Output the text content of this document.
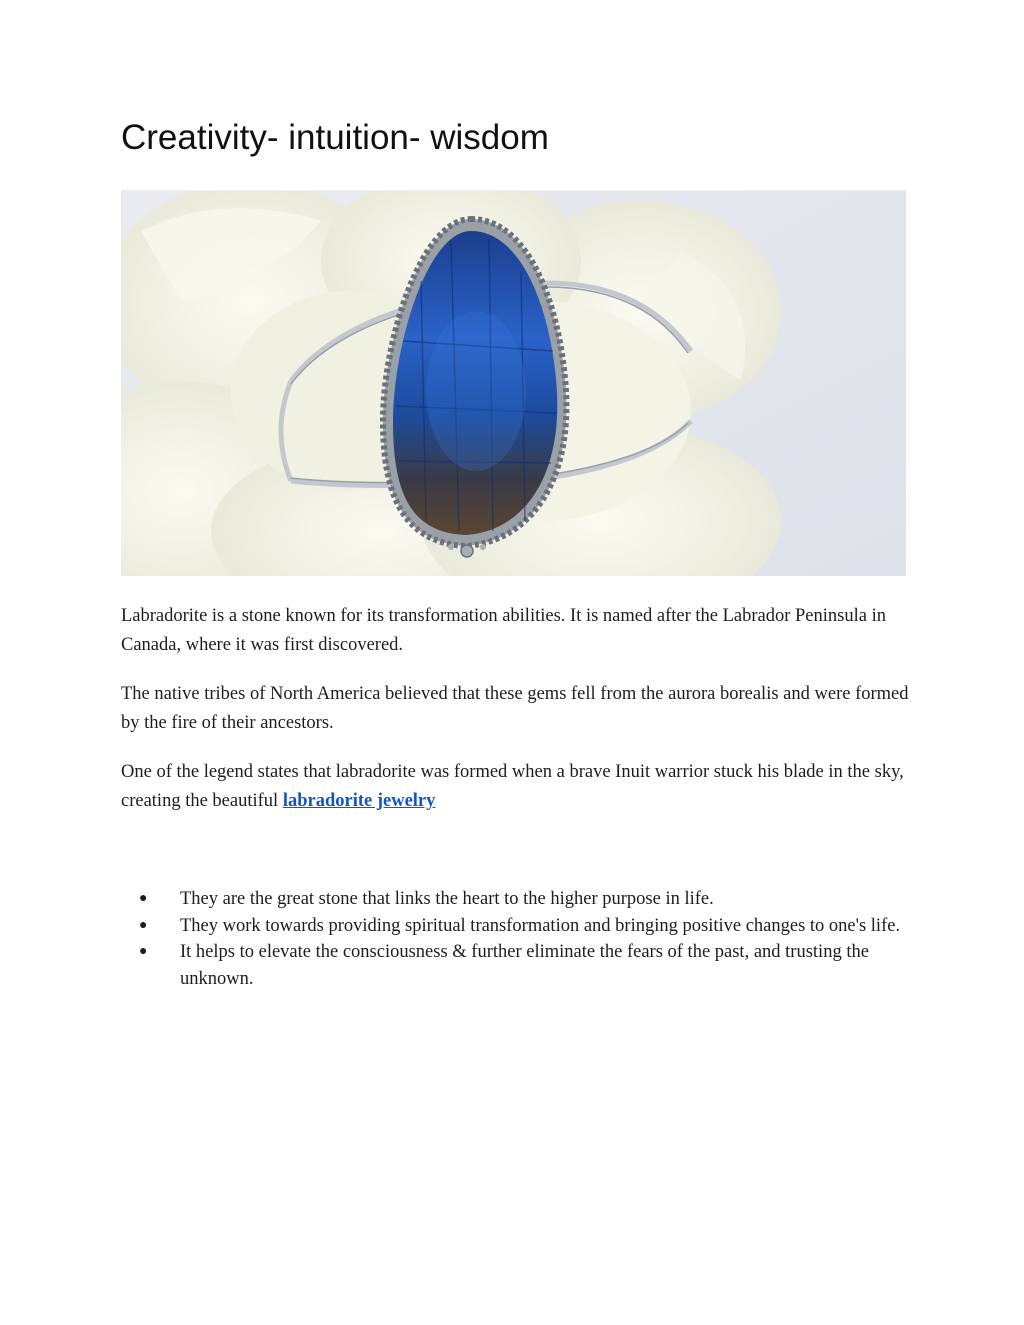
Creativity- intuition- wisdom

Labradorite is a stone known for its transformation abilities. It is named after the Labrador Peninsula in Canada, where it was first discovered.

The native tribes of North America believed that these gems fell from the aurora borealis and were formed by the fire of their ancestors.

One of the legend states that labradorite was formed when a brave Inuit warrior stuck his blade in the sky, creating the beautiful labradorite jewelry

● They are the great stone that links the heart to the higher purpose in life.
● They work towards providing spiritual transformation and bringing positive changes to one's life.
● It helps to elevate the consciousness & further eliminate the fears of the past, and trusting the unknown.
